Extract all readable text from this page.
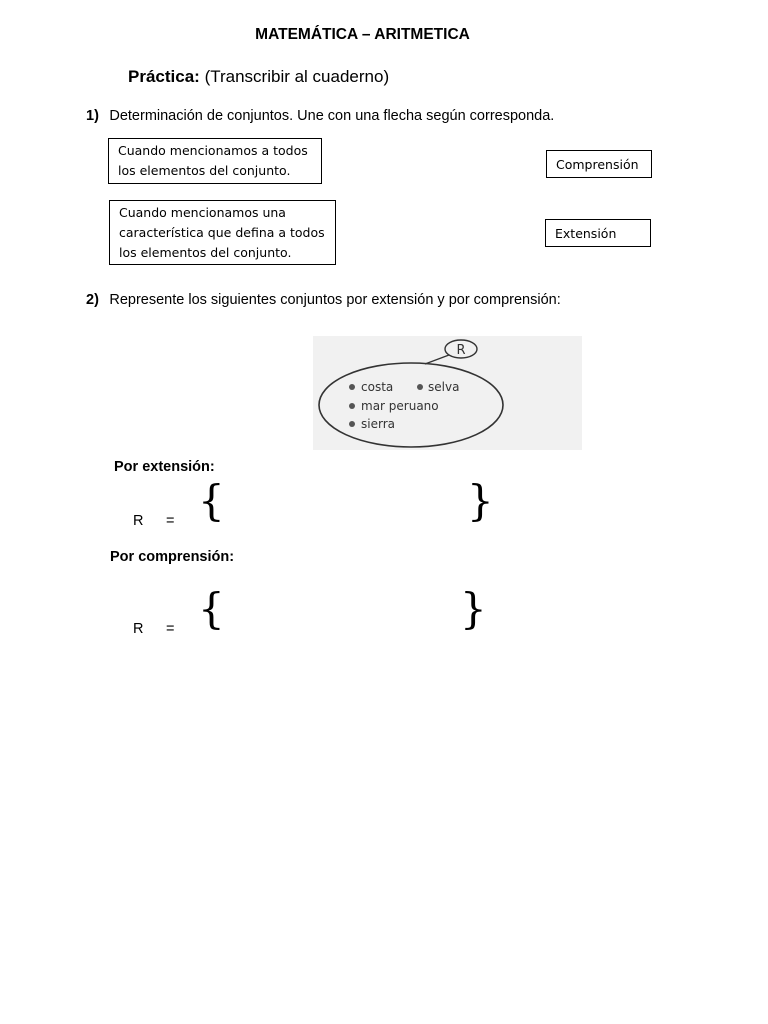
MATEMÁTICA – ARITMETICA
Práctica: (Transcribir al cuaderno)
1) Determinación de conjuntos. Une con una flecha según corresponda.
Cuando mencionamos a todos
los elementos del conjunto.
Cuando mencionamos una
característica que defina a todos
los elementos del conjunto.
Comprensión
Extensión
2) Represente los siguientes conjuntos por extensión y por comprensión:
R
costa	selva
mar peruano
sierra
Por extensión:
R = {	}
Por comprensión:
R = {	}
